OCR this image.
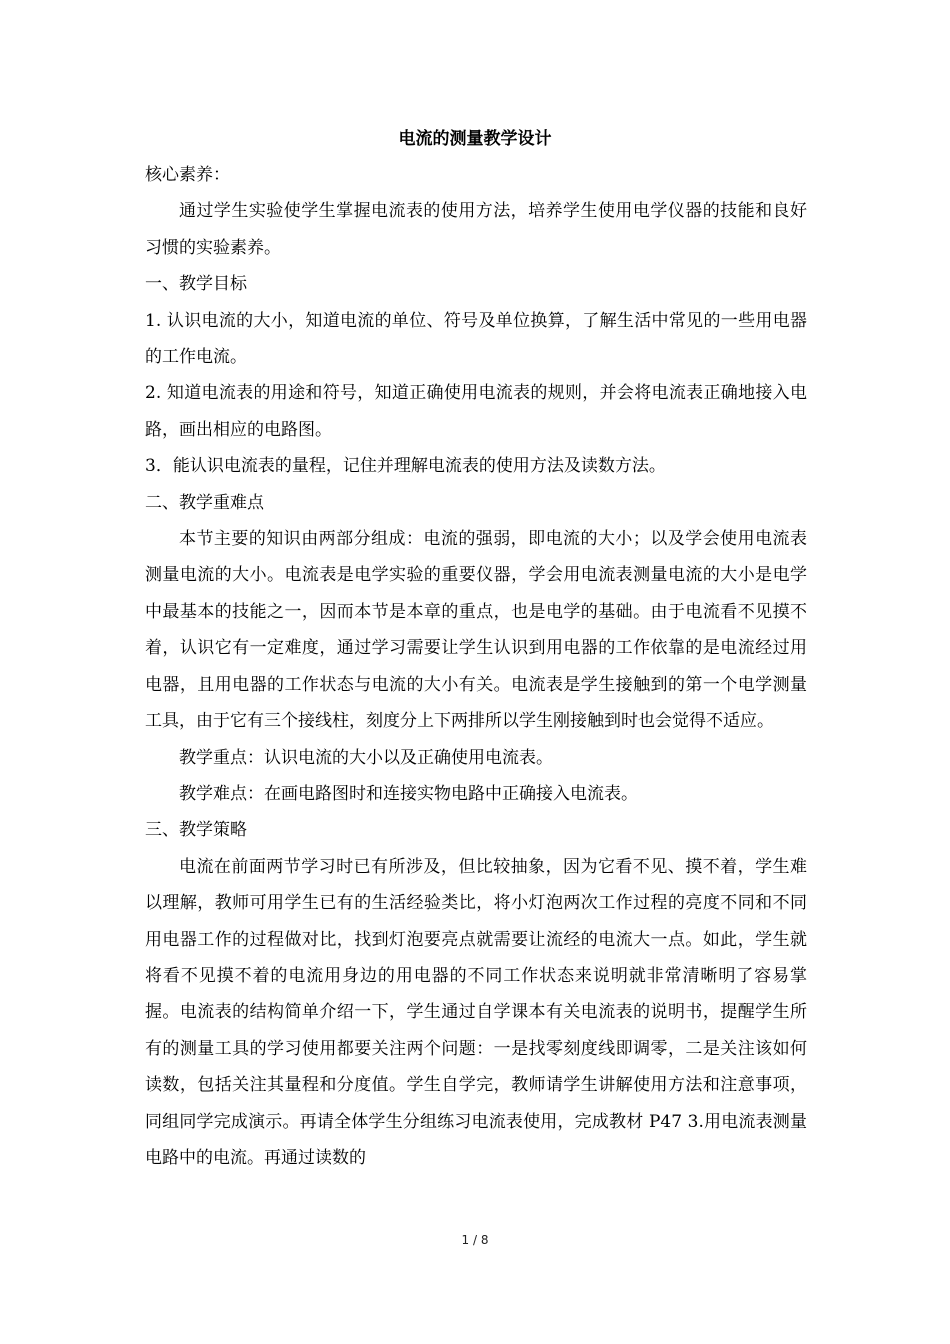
电流的测量教学设计

核心素养：

通过学生实验使学生掌握电流表的使用方法，培养学生使用电学仪器的技能和良好习惯的实验素养。

一、教学目标

1. 认识电流的大小，知道电流的单位、符号及单位换算，了解生活中常见的一些用电器的工作电流。

2. 知道电流表的用途和符号，知道正确使用电流表的规则，并会将电流表正确地接入电路，画出相应的电路图。

3．能认识电流表的量程，记住并理解电流表的使用方法及读数方法。

二、教学重难点

本节主要的知识由两部分组成：电流的强弱，即电流的大小；以及学会使用电流表测量电流的大小。电流表是电学实验的重要仪器，学会用电流表测量电流的大小是电学中最基本的技能之一，因而本节是本章的重点，也是电学的基础。由于电流看不见摸不着，认识它有一定难度，通过学习需要让学生认识到用电器的工作依靠的是电流经过用电器，且用电器的工作状态与电流的大小有关。电流表是学生接触到的第一个电学测量工具，由于它有三个接线柱，刻度分上下两排所以学生刚接触到时也会觉得不适应。

教学重点：认识电流的大小以及正确使用电流表。

教学难点：在画电路图时和连接实物电路中正确接入电流表。

三、教学策略

电流在前面两节学习时已有所涉及，但比较抽象，因为它看不见、摸不着，学生难以理解，教师可用学生已有的生活经验类比，将小灯泡两次工作过程的亮度不同和不同用电器工作的过程做对比，找到灯泡要亮点就需要让流经的电流大一点。如此，学生就将看不见摸不着的电流用身边的用电器的不同工作状态来说明就非常清晰明了容易掌握。电流表的结构简单介绍一下，学生通过自学课本有关电流表的说明书，提醒学生所有的测量工具的学习使用都要关注两个问题：一是找零刻度线即调零，二是关注该如何读数，包括关注其量程和分度值。学生自学完，教师请学生讲解使用方法和注意事项，同组同学完成演示。再请全体学生分组练习电流表使用，完成教材 P47 3.用电流表测量电路中的电流。再通过读数的

1 / 8
